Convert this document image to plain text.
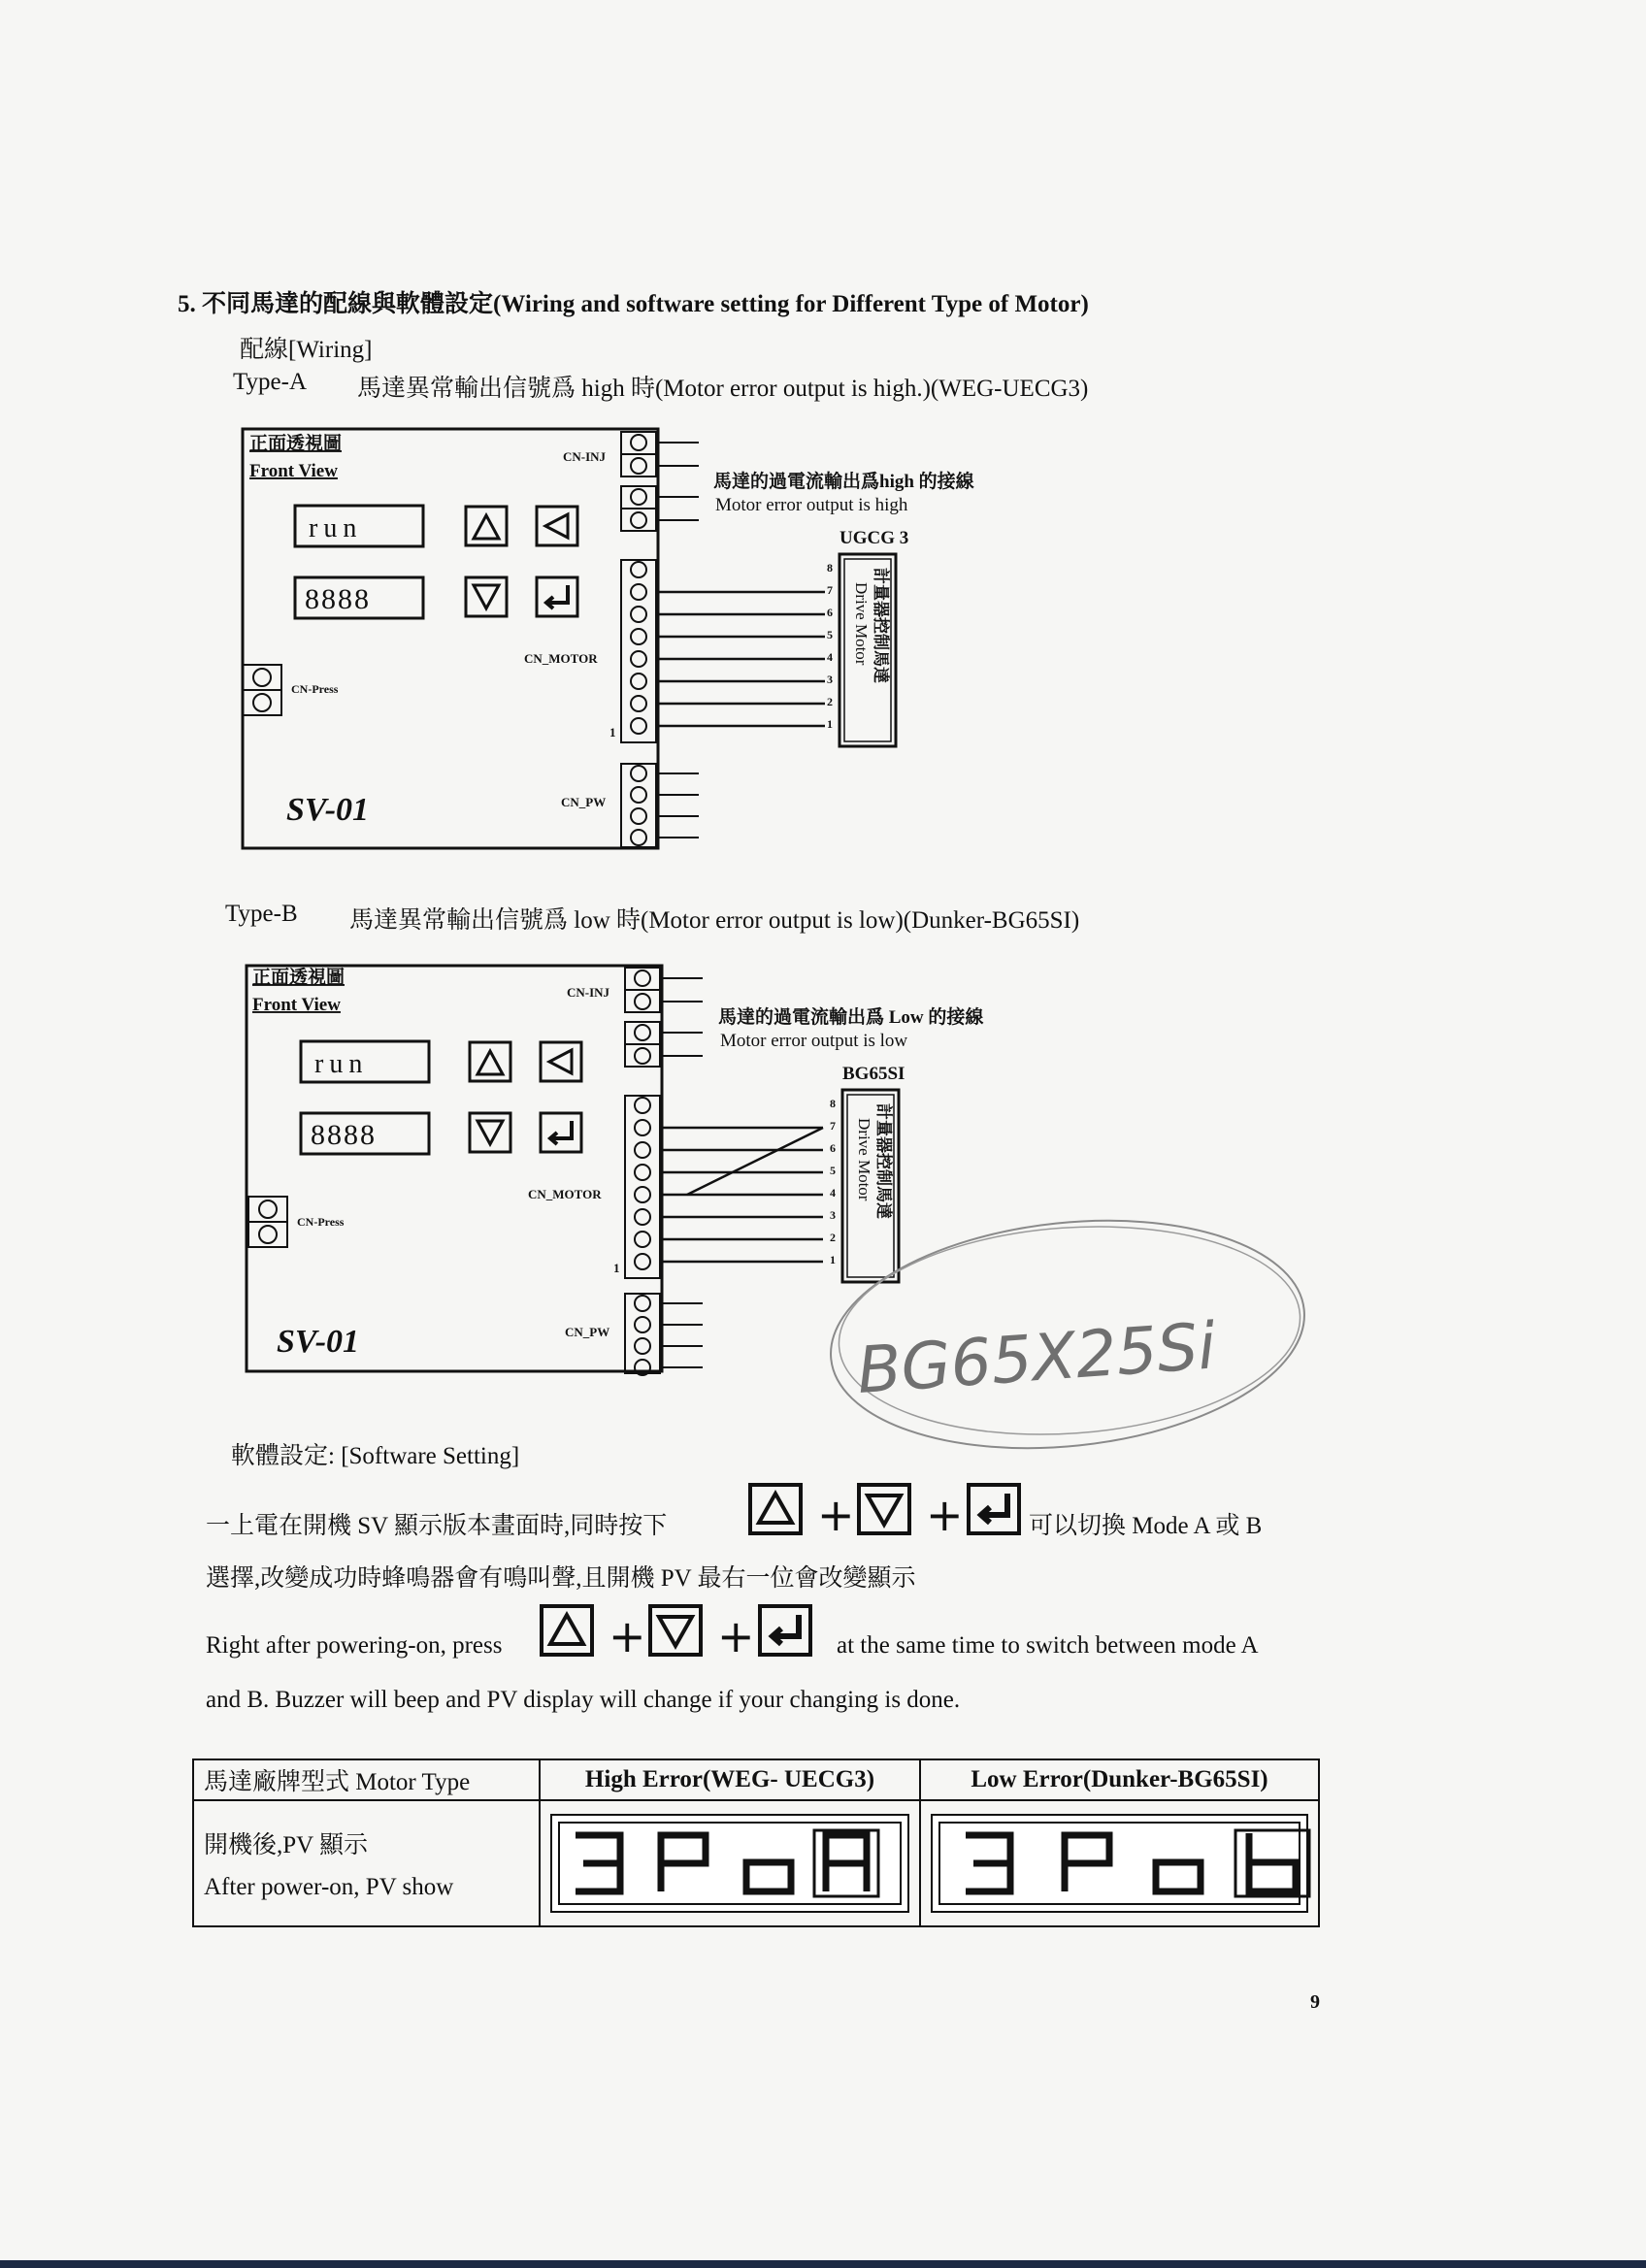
5. 不同馬達的配線與軟體設定(Wiring and software setting for Different Type of Motor)
配線[Wiring]
Type-A 馬達異常輸出信號爲 high 時(Motor error output is high.)(WEG-UECG3)
正面透視圖
Front View
run
8888
CN-INJ
CN_MOTOR
CN-Press
CN_PW
1
SV-01
馬達的過電流輸出爲high 的接線
Motor error output is high
UGCG 3
8
7
6
5
4
3
2
1
計量器控制馬達
Drive Motor
Type-B 馬達異常輸出信號爲 low 時(Motor error output is low)(Dunker-BG65SI)
正面透視圖
Front View
run
8888
CN-INJ
CN_MOTOR
CN-Press
CN_PW
1
SV-01
馬達的過電流輸出爲 Low 的接線
Motor error output is low
BG65SI
8
7
6
5
4
3
2
1
計量器控制馬達
Drive Motor
BG65X25Si
軟體設定: [Software Setting]
一上電在開機 SV 顯示版本畫面時,同時按下	+ +	可以切換 Mode A 或 B
選擇,改變成功時蜂鳴器會有鳴叫聲,且開機 PV 最右一位會改變顯示
Right after powering-on, press + +	at the same time to switch between mode A
and B. Buzzer will beep and PV display will change if your changing is done.
馬達廠牌型式 Motor Type	High Error(WEG- UECG3)	Low Error(Dunker-BG65SI)

開機後,PV 顯示
After power-on, PV show

9
